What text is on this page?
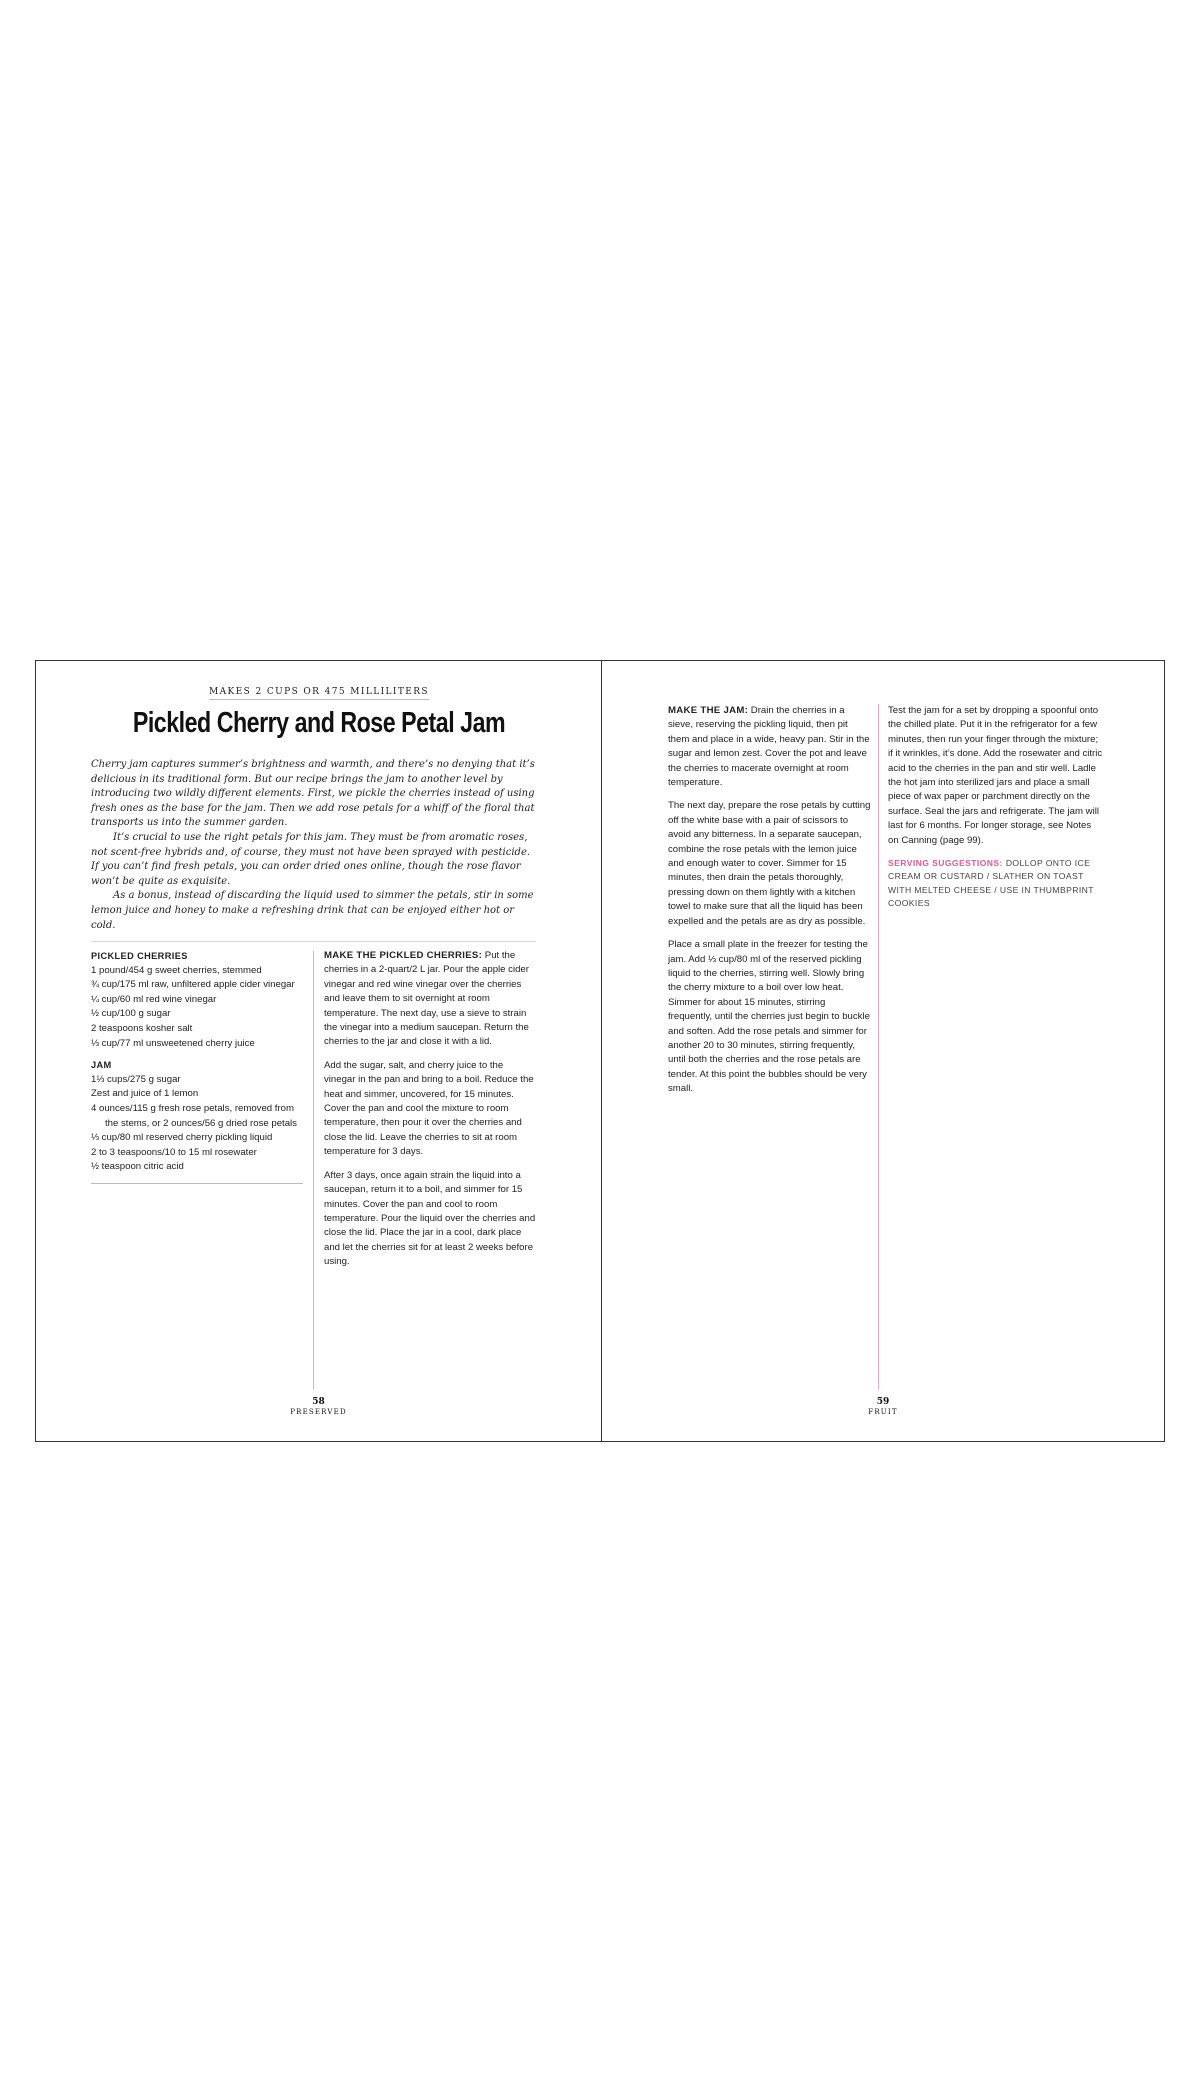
MAKES 2 CUPS OR 475 MILLILITERS
Pickled Cherry and Rose Petal Jam

Cherry jam captures summer’s brightness and warmth, and there’s no denying that it’s delicious in its traditional form. But our recipe brings the jam to another level by introducing two wildly different elements. First, we pickle the cherries instead of using fresh ones as the base for the jam. Then we add rose petals for a whiff of the floral that transports us into the summer garden.

It’s crucial to use the right petals for this jam. They must be from aromatic roses, not scent-free hybrids and, of course, they must not have been sprayed with pesticide. If you can’t find fresh petals, you can order dried ones online, though the rose flavor won’t be quite as exquisite.

As a bonus, instead of discarding the liquid used to simmer the petals, stir in some lemon juice and honey to make a refreshing drink that can be enjoyed either hot or cold.

PICKLED CHERRIES

1 pound/454 g sweet cherries, stemmed
¾ cup/175 ml raw, unfiltered apple cider vinegar
¼ cup/60 ml red wine vinegar
½ cup/100 g sugar
2 teaspoons kosher salt
⅓ cup/77 ml unsweetened cherry juice

JAM

1⅓ cups/275 g sugar
Zest and juice of 1 lemon
4 ounces/115 g fresh rose petals, removed from the stems, or 2 ounces/56 g dried rose petals
⅓ cup/80 ml reserved cherry pickling liquid
2 to 3 teaspoons/10 to 15 ml rosewater
½ teaspoon citric acid

MAKE THE PICKLED CHERRIES: Put the cherries in a 2-quart/2 L jar. Pour the apple cider vinegar and red wine vinegar over the cherries and leave them to sit overnight at room temperature. The next day, use a sieve to strain the vinegar into a medium saucepan. Return the cherries to the jar and close it with a lid.

Add the sugar, salt, and cherry juice to the vinegar in the pan and bring to a boil. Reduce the heat and simmer, uncovered, for 15 minutes. Cover the pan and cool the mixture to room temperature, then pour it over the cherries and close the lid. Leave the cherries to sit at room temperature for 3 days.

After 3 days, once again strain the liquid into a saucepan, return it to a boil, and simmer for 15 minutes. Cover the pan and cool to room temperature. Pour the liquid over the cherries and close the lid. Place the jar in a cool, dark place and let the cherries sit for at least 2 weeks before using.

58
PRESERVED

MAKE THE JAM: Drain the cherries in a sieve, reserving the pickling liquid, then pit them and place in a wide, heavy pan. Stir in the sugar and lemon zest. Cover the pot and leave the cherries to macerate overnight at room temperature.

The next day, prepare the rose petals by cutting off the white base with a pair of scissors to avoid any bitterness. In a separate saucepan, combine the rose petals with the lemon juice and enough water to cover. Simmer for 15 minutes, then drain the petals thoroughly, pressing down on them lightly with a kitchen towel to make sure that all the liquid has been expelled and the petals are as dry as possible.

Place a small plate in the freezer for testing the jam. Add ⅓ cup/80 ml of the reserved pickling liquid to the cherries, stirring well. Slowly bring the cherry mixture to a boil over low heat. Simmer for about 15 minutes, stirring frequently, until the cherries just begin to buckle and soften. Add the rose petals and simmer for another 20 to 30 minutes, stirring frequently, until both the cherries and the rose petals are tender. At this point the bubbles should be very small.

Test the jam for a set by dropping a spoonful onto the chilled plate. Put it in the refrigerator for a few minutes, then run your finger through the mixture; if it wrinkles, it’s done. Add the rosewater and citric acid to the cherries in the pan and stir well. Ladle the hot jam into sterilized jars and place a small piece of wax paper or parchment directly on the surface. Seal the jars and refrigerate. The jam will last for 6 months. For longer storage, see Notes on Canning (page 99).

SERVING SUGGESTIONS: DOLLOP ONTO ICE CREAM OR CUSTARD / SLATHER ON TOAST WITH MELTED CHEESE / USE IN THUMBPRINT COOKIES

59
FRUIT
